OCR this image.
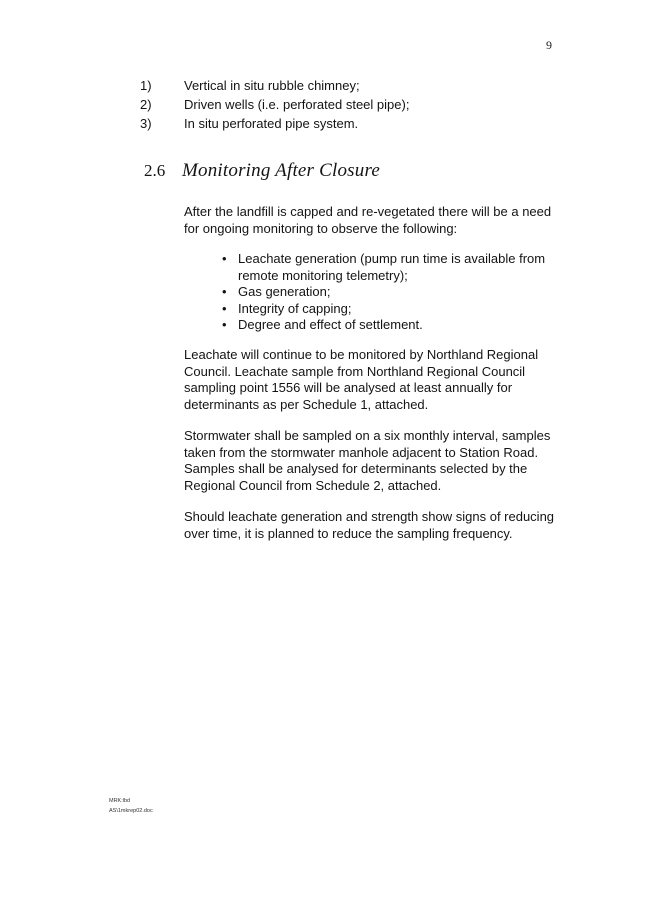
9
1)	Vertical in situ rubble chimney;
2)	Driven wells (i.e. perforated steel pipe);
3)	In situ perforated pipe system.
2.6 Monitoring After Closure

After the landfill is capped and re-vegetated there will be a need for ongoing monitoring to observe the following:

• Leachate generation (pump run time is available from remote monitoring telemetry);
• Gas generation;
• Integrity of capping;
• Degree and effect of settlement.

Leachate will continue to be monitored by Northland Regional Council. Leachate sample from Northland Regional Council sampling point 1556 will be analysed at least annually for determinants as per Schedule 1, attached.

Stormwater shall be sampled on a six monthly interval, samples taken from the stormwater manhole adjacent to Station Road. Samples shall be analysed for determinants selected by the Regional Council from Schedule 2, attached.

Should leachate generation and strength show signs of reducing over time, it is planned to reduce the sampling frequency.

MRK:lbd
AS\1mkrep02.doc
